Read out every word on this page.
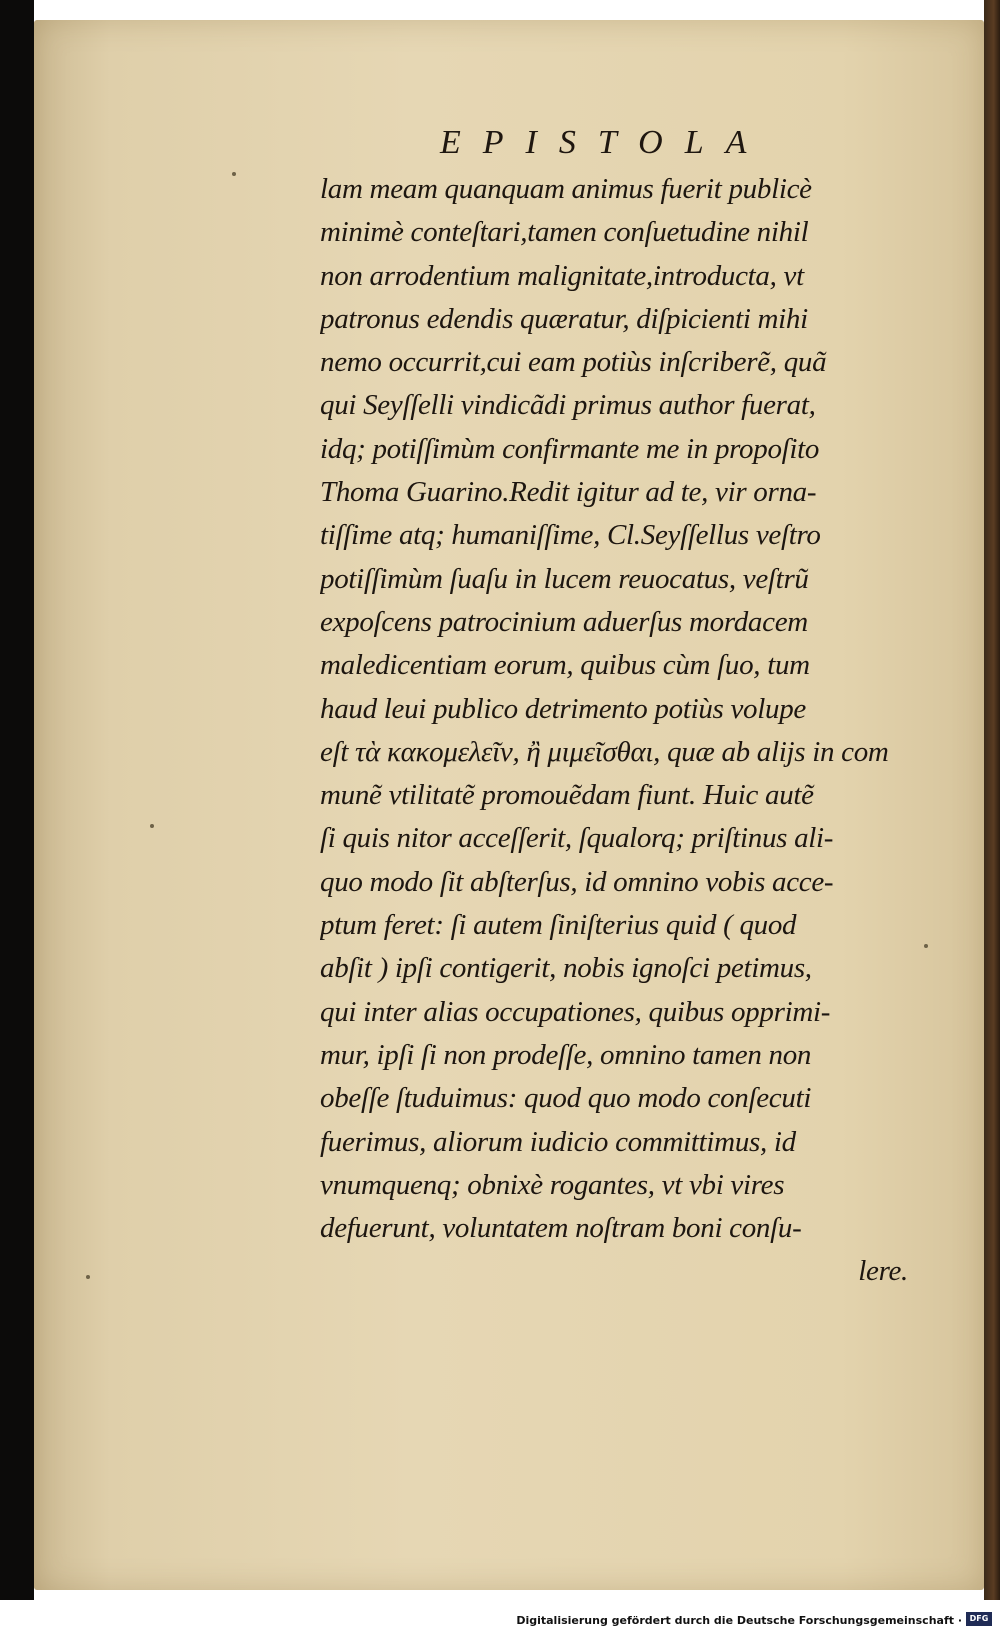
EPISTOLA
lam meam quanquam animus fuerit publicè
minimè conteſtari,tamen conſuetudine nihil
non arrodentium malignitate,introducta, vt
patronus edendis quæratur, diſpicienti mihi
nemo occurrit,cui eam potiùs inſcriberẽ, quã
qui Seyſſelli vindicãdi primus author fuerat,
idq; potiſſimùm confirmante me in propoſito
Thoma Guarino.Redit igitur ad te, vir orna-
tiſſime atq; humaniſſime, Cl.Seyſſellus veſtro
potiſſimùm ſuaſu in lucem reuocatus, veſtrũ
expoſcens patrocinium aduerſus mordacem
maledicentiam eorum, quibus cùm ſuo, tum
haud leui publico detrimento potiùs volupe
eſt τὰ κακομελεῖν, ἢ μιμεῖσθαι, quæ ab alijs in com
munẽ vtilitatẽ promouẽdam fiunt. Huic autẽ
ſi quis nitor acceſſerit, ſqualorq; priſtinus ali-
quo modo ſit abſterſus, id omnino vobis acce-
ptum feret: ſi autem ſiniſterius quid ( quod
abſit ) ipſi contigerit, nobis ignoſci petimus,
qui inter alias occupationes, quibus opprimi-
mur, ipſi ſi non prodeſſe, omnino tamen non
obeſſe ſtuduimus: quod quo modo conſecuti
fuerimus, aliorum iudicio committimus, id
vnumquenq; obnixè rogantes, vt vbi vires
defuerunt, voluntatem noſtram boni conſu-
lere.
Digitalisierung gefördert durch die Deutsche Forschungsgemeinschaft · DFG
